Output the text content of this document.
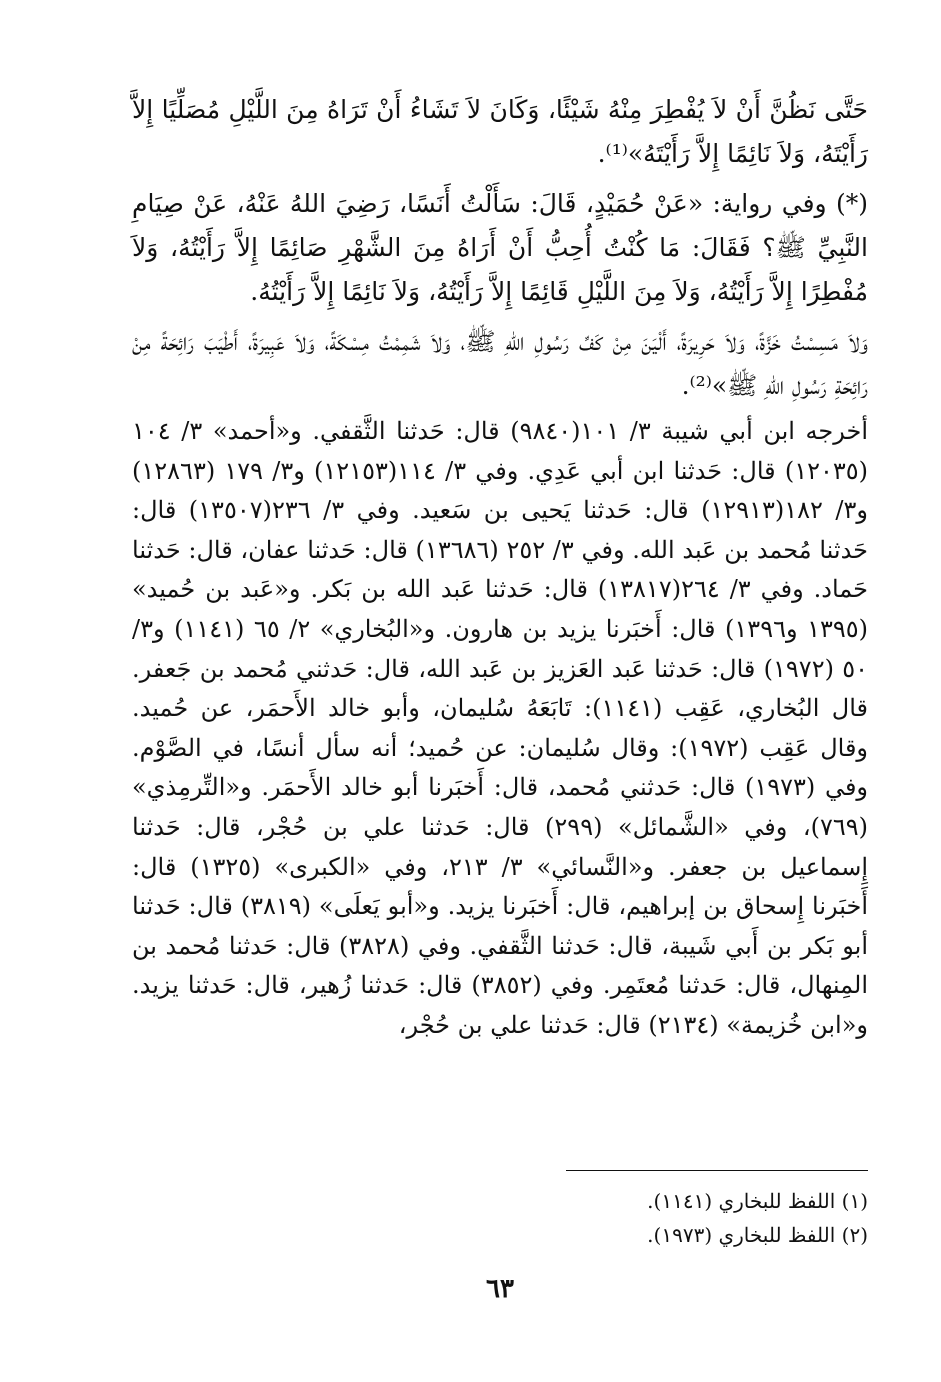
حَتَّى نَظُنَّ أَنْ لاَ يُفْطِرَ مِنْهُ شَيْئًا، وَكَانَ لاَ تَشَاءُ أَنْ تَرَاهُ مِنَ اللَّيْلِ مُصَلِّيًا إِلاَّ رَأَيْتَهُ، وَلاَ نَائِمًا إِلاَّ رَأَيْتَهُ»⁽¹⁾.

(*) وفي رواية: «عَنْ حُمَيْدٍ، قَالَ: سَأَلْتُ أَنَسًا، رَضِيَ اللهُ عَنْهُ، عَنْ صِيَامِ النَّبِيِّ ﷺ؟ فَقَالَ: مَا كُنْتُ أُحِبُّ أَنْ أَرَاهُ مِنَ الشَّهْرِ صَائِمًا إِلاَّ رَأَيْتُهُ، وَلاَ مُفْطِرًا إِلاَّ رَأَيْتُهُ، وَلاَ مِنَ اللَّيْلِ قَائِمًا إِلاَّ رَأَيْتُهُ، وَلاَ نَائِمًا إِلاَّ رَأَيْتُهُ.

وَلاَ مَسِسْتُ خَزَّةً، وَلاَ حَرِيرَةً، أَلْيَنَ مِنْ كَفِّ رَسُولِ اللهِ ﷺ، وَلاَ شَمِمْتُ مِسْكَةً، وَلاَ عَبِيرَةً، أَطْيَبَ رَائِحَةً مِنْ رَائِحَةِ رَسُولِ اللهِ ﷺ»⁽²⁾.

أخرجه ابن أبي شيبة ٣/ ١٠١(٩٨٤٠) قال: حَدثنا الثَّقفي. و«أحمد» ٣/ ١٠٤ (١٢٠٣٥) قال: حَدثنا ابن أبي عَدِي. وفي ٣/ ١١٤(١٢١٥٣) و٣/ ١٧٩ (١٢٨٦٣) و٣/ ١٨٢(١٢٩١٣) قال: حَدثنا يَحيى بن سَعيد. وفي ٣/ ٢٣٦(١٣٥٠٧) قال: حَدثنا مُحمد بن عَبد الله. وفي ٣/ ٢٥٢ (١٣٦٨٦) قال: حَدثنا عفان، قال: حَدثنا حَماد. وفي ٣/ ٢٦٤(١٣٨١٧) قال: حَدثنا عَبد الله بن بَكر. و«عَبد بن حُميد» (١٣٩٥ و١٣٩٦) قال: أَخبَرنا يزيد بن هارون. و«البُخاري» ٢/ ٦٥ (١١٤١) و٣/ ٥٠ (١٩٧٢) قال: حَدثنا عَبد العَزيز بن عَبد الله، قال: حَدثني مُحمد بن جَعفر. قال البُخاري، عَقِب (١١٤١): تَابَعَهُ سُليمان، وأبو خالد الأَحمَر، عن حُميد. وقال عَقِب (١٩٧٢): وقال سُليمان: عن حُميد؛ أنه سأل أنسًا، في الصَّوْم. وفي (١٩٧٣) قال: حَدثني مُحمد، قال: أَخبَرنا أبو خالد الأَحمَر. و«التِّرمِذي» (٧٦٩)، وفي «الشَّمائل» (٢٩٩) قال: حَدثنا علي بن حُجْر، قال: حَدثنا إِسماعيل بن جعفر. و«النَّسائي» ٣/ ٢١٣، وفي «الكبرى» (١٣٢٥) قال: أَخبَرنا إِسحاق بن إبراهيم، قال: أَخبَرنا يزيد. و«أبو يَعلَى» (٣٨١٩) قال: حَدثنا أبو بَكر بن أَبي شَيبة، قال: حَدثنا الثَّقفي. وفي (٣٨٢٨) قال: حَدثنا مُحمد بن المِنهال، قال: حَدثنا مُعتَمِر. وفي (٣٨٥٢) قال: حَدثنا زُهير، قال: حَدثنا يزيد. و«ابن خُزيمة» (٢١٣٤) قال: حَدثنا علي بن حُجْر،

(١) اللفظ للبخاري (١١٤١).
(٢) اللفظ للبخاري (١٩٧٣).
٦٣
